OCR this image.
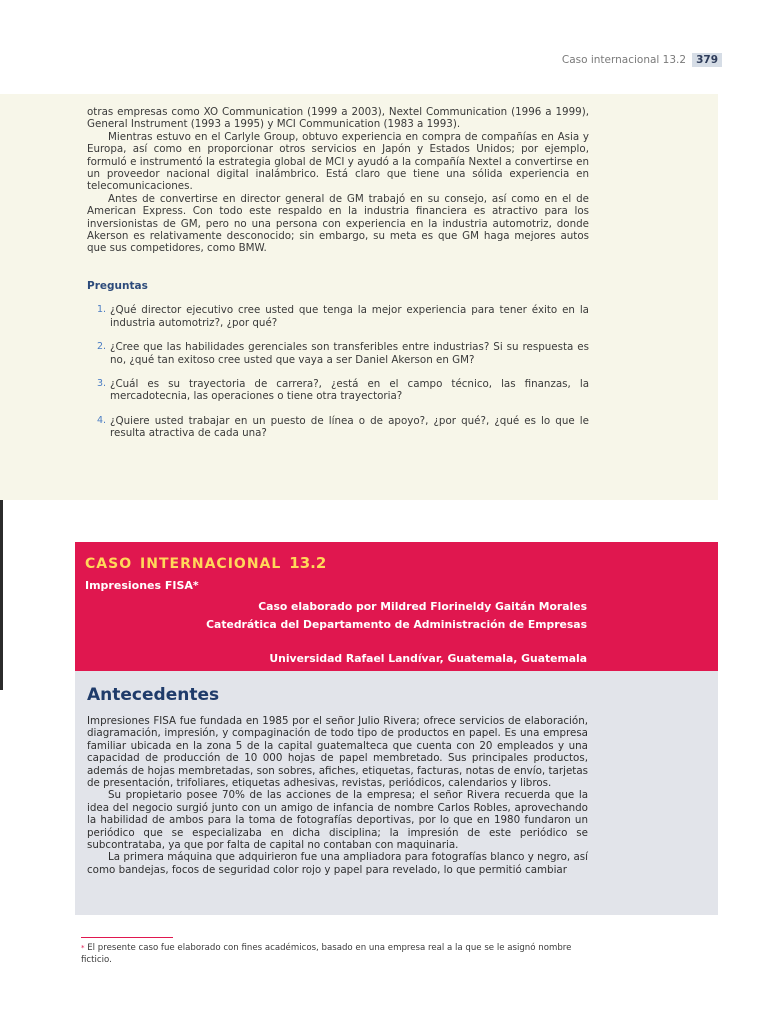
Caso internacional 13.2 379

otras empresas como XO Communication (1999 a 2003), Nextel Communication (1996 a 1999), General Instrument (1993 a 1995) y MCI Communication (1983 a 1993).

Mientras estuvo en el Carlyle Group, obtuvo experiencia en compra de compañías en Asia y Europa, así como en proporcionar otros servicios en Japón y Estados Unidos; por ejemplo, formuló e instrumentó la estrategia global de MCI y ayudó a la compañía Nextel a convertirse en un proveedor nacional digital inalámbrico. Está claro que tiene una sólida experiencia en telecomunicaciones.

Antes de convertirse en director general de GM trabajó en su consejo, así como en el de American Express. Con todo este respaldo en la industria financiera es atractivo para los inversionistas de GM, pero no una persona con experiencia en la industria automotriz, donde Akerson es relativamente desconocido; sin embargo, su meta es que GM haga mejores autos que sus competidores, como BMW.

Preguntas
1. ¿Qué director ejecutivo cree usted que tenga la mejor experiencia para tener éxito en la industria automotriz?, ¿por qué?
2. ¿Cree que las habilidades gerenciales son transferibles entre industrias? Si su respuesta es no, ¿qué tan exitoso cree usted que vaya a ser Daniel Akerson en GM?
3. ¿Cuál es su trayectoria de carrera?, ¿está en el campo técnico, las finanzas, la mercadotecnia, las operaciones o tiene otra trayectoria?
4. ¿Quiere usted trabajar en un puesto de línea o de apoyo?, ¿por qué?, ¿qué es lo que le resulta atractiva de cada una?
caso internacional 13.2
Impresiones FISA*
Caso elaborado por Mildred Florineldy Gaitán Morales
Catedrática del Departamento de Administración de Empresas
Universidad Rafael Landívar, Guatemala, Guatemala
Antecedentes

Impresiones FISA fue fundada en 1985 por el señor Julio Rivera; ofrece servicios de elaboración, diagramación, impresión, y compaginación de todo tipo de productos en papel. Es una empresa familiar ubicada en la zona 5 de la capital guatemalteca que cuenta con 20 empleados y una capacidad de producción de 10 000 hojas de papel membretado. Sus principales productos, además de hojas membretadas, son sobres, afiches, etiquetas, facturas, notas de envío, tarjetas de presentación, trifoliares, etiquetas adhesivas, revistas, periódicos, calendarios y libros.

Su propietario posee 70% de las acciones de la empresa; el señor Rivera recuerda que la idea del negocio surgió junto con un amigo de infancia de nombre Carlos Robles, aprovechando la habilidad de ambos para la toma de fotografías deportivas, por lo que en 1980 fundaron un periódico que se especializaba en dicha disciplina; la impresión de este periódico se subcontrataba, ya que por falta de capital no contaban con maquinaria.

La primera máquina que adquirieron fue una ampliadora para fotografías blanco y negro, así como bandejas, focos de seguridad color rojo y papel para revelado, lo que permitió cambiar

* El presente caso fue elaborado con fines académicos, basado en una empresa real a la que se le asignó nombre ficticio.
